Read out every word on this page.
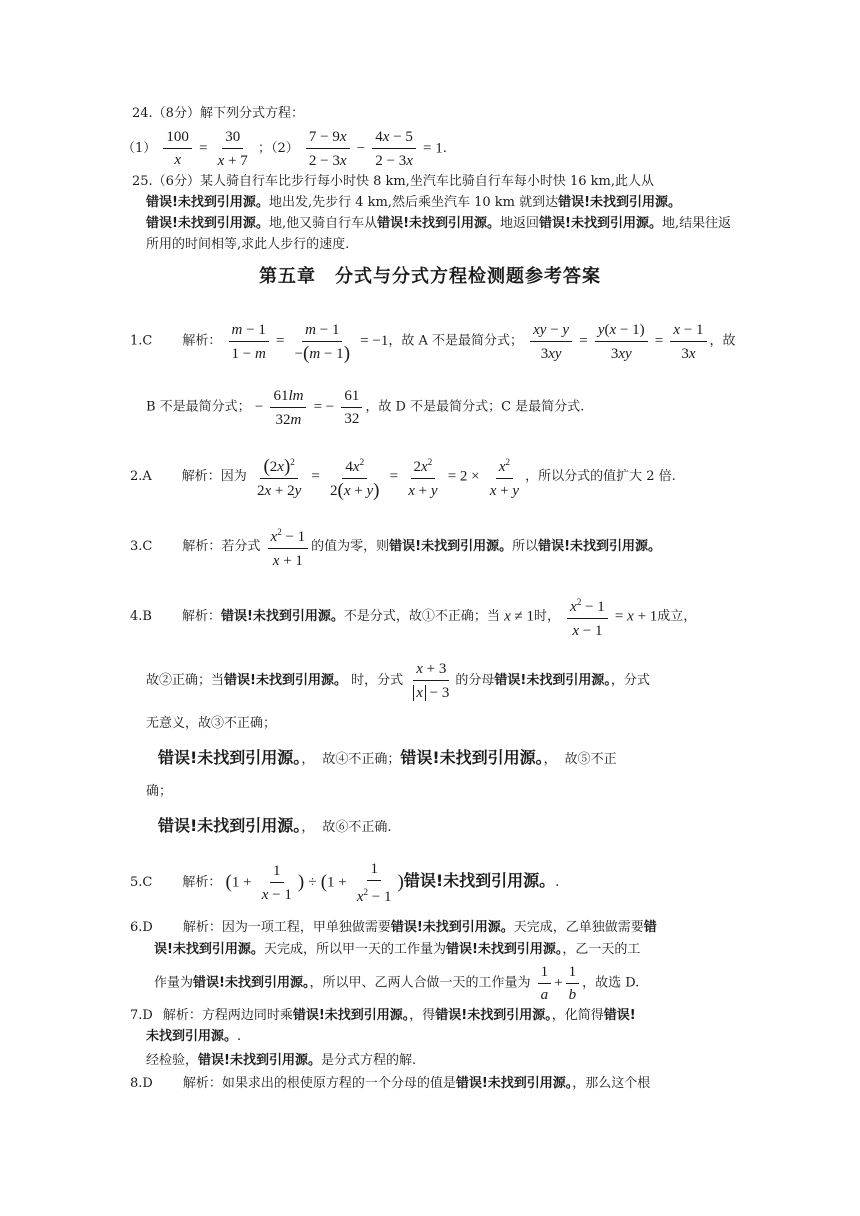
24.（8分）解下列分式方程：
$(1) \frac{100}{x} = \frac{30}{x + 7}$ ；$(2) \frac{7 - 9x}{2 - 3x} - \frac{4x - 5}{2 - 3x} = 1$.
25.（6分）某人骑自行车比步行每小时快 8 km,坐汽车比骑自行车每小时快 16 km,此人从
错误!未找到引用源。地出发,先步行 4 km,然后乘坐汽车 10 km 就到达错误!未找到引用源。
错误!未找到引用源。地,他又骑自行车从错误!未找到引用源。地返回错误!未找到引用源。地,结果往返
所用的时间相等,求此人步行的速度.
第五章　分式与分式方程检测题参考答案
1.C 解析： $\frac{m - 1}{1 - m} = \frac{m - 1}{-(m - 1)} = -1$，故 A 不是最简分式； $\frac{xy - y}{3xy} = \frac{y(x - 1)}{3xy} = \frac{x - 1}{3x}$ ，故
B 不是最简分式； − $\frac{61lm}{32m}$ = − $\frac{61}{32}$ ，故 D 不是最简分式；C 是最简分式.
2.A 解析：因为 $\frac{(2x)^2}{2x + 2y} = \frac{4x^2}{2(x + y)} = \frac{2x^2}{x + y} = 2 \times \frac{x^2}{x + y}$ ，所以分式的值扩大 2 倍.
3.C 解析：若分式 $\frac{x^2 - 1}{x + 1}$ 的值为零，则错误!未找到引用源。所以错误!未找到引用源。
4.B 解析：错误!未找到引用源。不是分式，故①不正确；当 x ≠ 1时， $\frac{x^2 - 1}{x - 1} = x + 1$成立，
故②正确；当错误!未找到引用源。 时，分式 $\frac{x + 3}{x - 3}$ 的分母错误!未找到引用源。，分式
无意义，故③不正确；
错误!未找到引用源。， 故④不正确；错误!未找到引用源。， 故⑤不正
确；
错误!未找到引用源。， 故⑥不正确.
5.C 解析： ($1 + \frac{1}{x - 1}$ ) ÷ ($1 + \frac{1}{x^2 - 1}$ )错误!未找到引用源。.
6.D 解析：因为一项工程，甲单独做需要错误!未找到引用源。天完成，乙单独做需要错
误!未找到引用源。天完成，所以甲一天的工作量为错误!未找到引用源。，乙一天的工
作量为错误!未找到引用源。，所以甲、乙两人合做一天的工作量为 $\frac{1}{a} + \frac{1}{b}$ ，故选 D.
7.D 解析：方程两边同时乘错误!未找到引用源。，得错误!未找到引用源。，化简得错误!
未找到引用源。.
经检验，错误!未找到引用源。是分式方程的解.
8.D 解析：如果求出的根使原方程的一个分母的值是错误!未找到引用源。，那么这个根
